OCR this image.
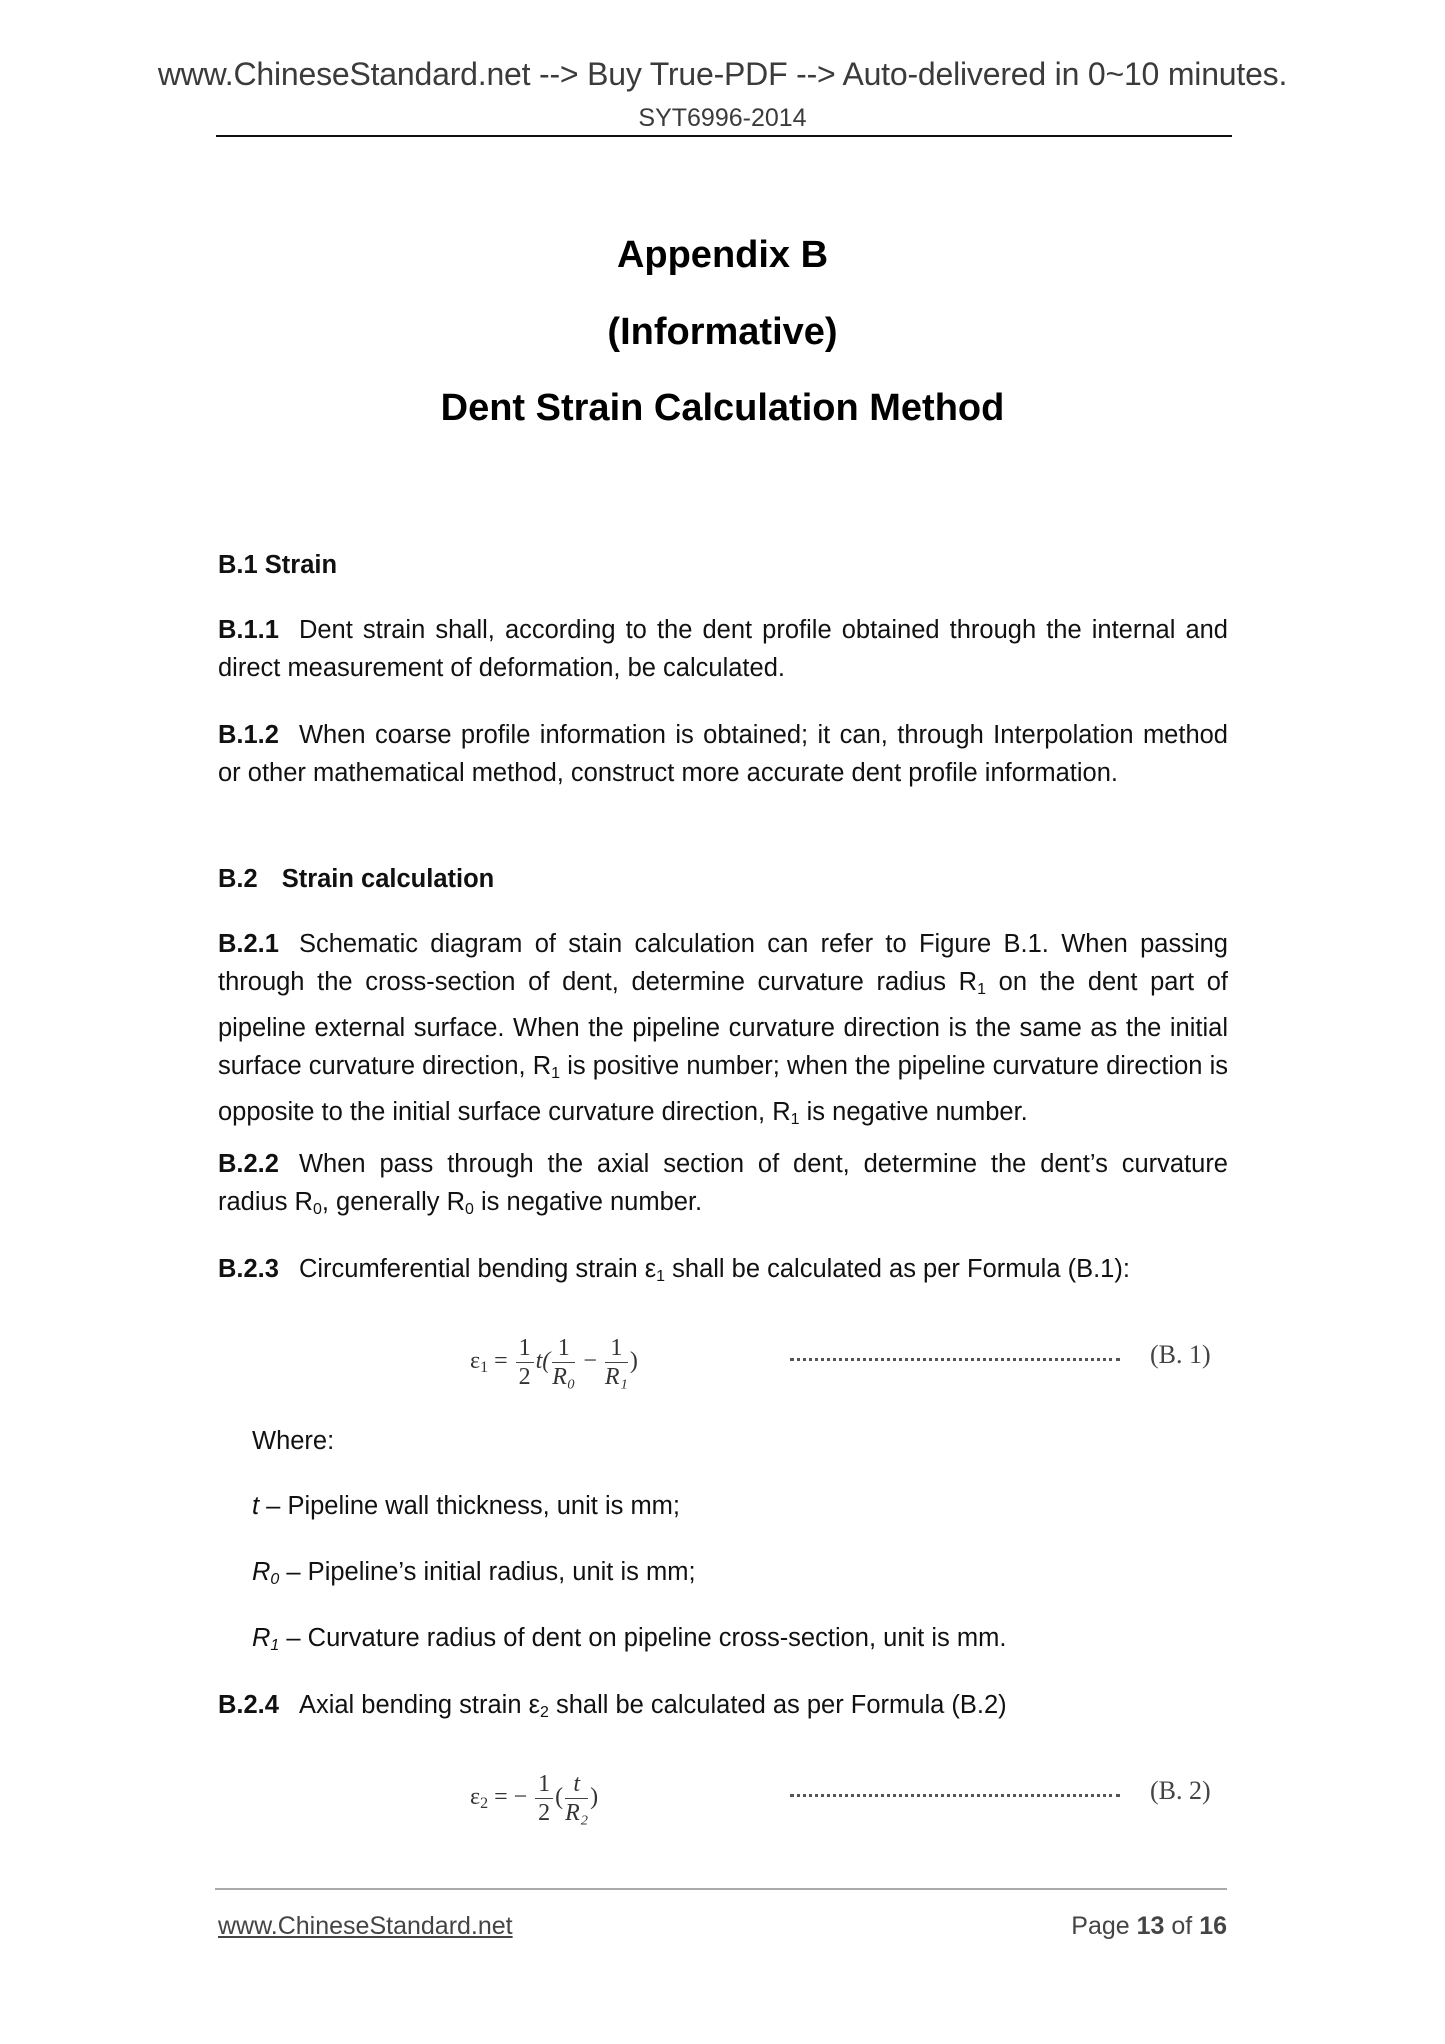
www.ChineseStandard.net --> Buy True-PDF --> Auto-delivered in 0~10 minutes.
SYT6996-2014
Appendix B
(Informative)
Dent Strain Calculation Method
B.1 Strain
B.1.1 Dent strain shall, according to the dent profile obtained through the internal and direct measurement of deformation, be calculated.
B.1.2 When coarse profile information is obtained; it can, through Interpolation method or other mathematical method, construct more accurate dent profile information.
B.2 Strain calculation
B.2.1 Schematic diagram of stain calculation can refer to Figure B.1. When passing through the cross-section of dent, determine curvature radius $R_1$ on the dent part of pipeline external surface. When the pipeline curvature direction is the same as the initial surface curvature direction, $R_1$ is positive number; when the pipeline curvature direction is opposite to the initial surface curvature direction, $R_1$ is negative number.
B.2.2 When pass through the axial section of dent, determine the dent’s curvature radius $R_0$, generally $R_0$ is negative number.
B.2.3 Circumferential bending strain $\varepsilon_1$ shall be calculated as per Formula (B.1):
$\varepsilon_1 = \frac{1}{2} t( \frac{1}{\text{R₀}} - \frac{1}{\text{R₁}}$ )	(B. 1)
Where:
t – Pipeline wall thickness, unit is mm;
$R_0$ – Pipeline’s initial radius, unit is mm;
$R_1$ – Curvature radius of dent on pipeline cross-section, unit is mm.
B.2.4 Axial bending strain $\varepsilon_2$ shall be calculated as per Formula (B.2)
$\varepsilon_2$ = − $\frac{1}{2}$ ( $\frac{t}{\text{R₂}}$ )	(B. 2)
www.ChineseStandard.net	Page 13 of 16
